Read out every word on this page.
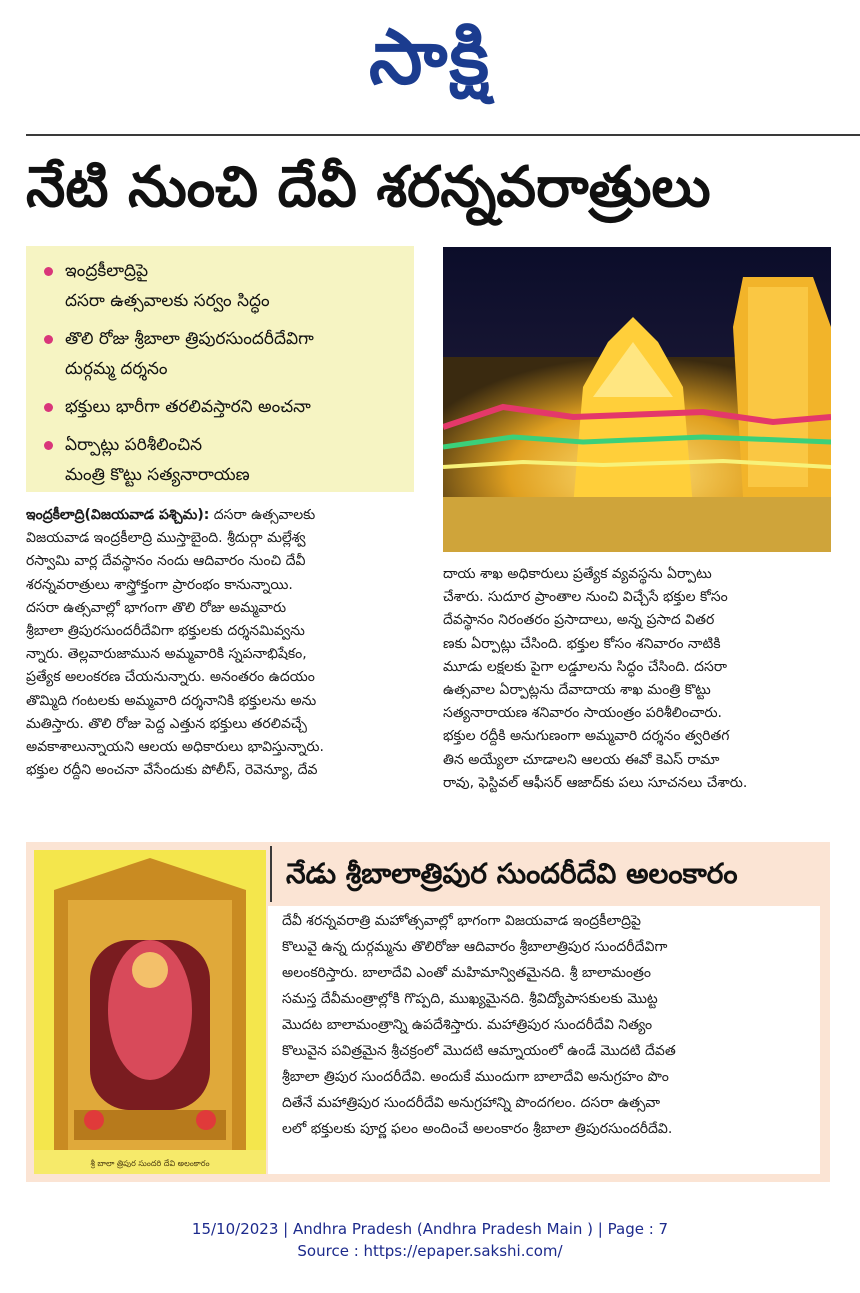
సాక్షి
నేటి నుంచి దేవీ శరన్నవరాత్రులు
ఇంద్రకీలాద్రిపై
దసరా ఉత్సవాలకు సర్వం సిద్ధం
తొలి రోజు శ్రీబాలా త్రిపురసుందరీదేవిగా
దుర్గమ్మ దర్శనం
భక్తులు భారీగా తరలివస్తారని అంచనా
ఏర్పాట్లు పరిశీలించిన
మంత్రి కొట్టు సత్యనారాయణ
ఇంద్రకీలాద్రి(విజయవాడ పశ్చిమ): దసరా ఉత్సవాలకు
విజయవాడ ఇంద్రకీలాద్రి ముస్తాబైంది. శ్రీదుర్గా మల్లేశ్వ
రస్వామి వార్ల దేవస్థానం నందు ఆదివారం నుంచి దేవీ
శరన్నవరాత్రులు శాస్త్రోక్తంగా ప్రారంభం కానున్నాయి.
దసరా ఉత్సవాల్లో భాగంగా తొలి రోజు అమ్మవారు
శ్రీబాలా త్రిపురసుందరీదేవిగా భక్తులకు దర్శనమివ్వను
న్నారు. తెల్లవారుజామున అమ్మవారికి స్నపనాభిషేకం,
ప్రత్యేక అలంకరణ చేయనున్నారు. అనంతరం ఉదయం
తొమ్మిది గంటలకు అమ్మవారి దర్శనానికి భక్తులను అను
మతిస్తారు. తొలి రోజు పెద్ద ఎత్తున భక్తులు తరలివచ్చే
అవకాశాలున్నాయని ఆలయ అధికారులు భావిస్తున్నారు.
భక్తుల రద్దీని అంచనా వేసేందుకు పోలీస్, రెవెన్యూ, దేవ
దాయ శాఖ అధికారులు ప్రత్యేక వ్యవస్థను ఏర్పాటు
చేశారు. సుదూర ప్రాంతాల నుంచి విచ్చేసే భక్తుల కోసం
దేవస్థానం నిరంతరం ప్రసాదాలు, అన్న ప్రసాద వితర
ణకు ఏర్పాట్లు చేసింది. భక్తుల కోసం శనివారం నాటికి
మూడు లక్షలకు పైగా లడ్డూలను సిద్ధం చేసింది. దసరా
ఉత్సవాల ఏర్పాట్లను దేవాదాయ శాఖ మంత్రి కొట్టు
సత్యనారాయణ శనివారం సాయంత్రం పరిశీలించారు.
భక్తుల రద్దీకి అనుగుణంగా అమ్మవారి దర్శనం త్వరితగ
తిన అయ్యేలా చూడాలని ఆలయ ఈవో కెఎస్ రామా
రావు, ఫెస్టివల్ ఆఫీసర్ ఆజాద్‌కు పలు సూచనలు చేశారు.
శ్రీ బాలా త్రిపుర సుందరి దేవి అలంకారం
నేడు శ్రీబాలాత్రిపుర సుందరీదేవి అలంకారం
దేవీ శరన్నవరాత్రి మహోత్సవాల్లో భాగంగా విజయవాడ ఇంద్రకీలాద్రిపై
కొలువై ఉన్న దుర్గమ్మను తొలిరోజు ఆదివారం శ్రీబాలాత్రిపుర సుందరీదేవిగా
అలంకరిస్తారు. బాలాదేవి ఎంతో మహిమాన్వితమైనది. శ్రీ బాలామంత్రం
సమస్త దేవీమంత్రాల్లోకి గొప్పది, ముఖ్యమైనది. శ్రీవిద్యోపాసకులకు మొట్ట
మొదట బాలామంత్రాన్ని ఉపదేశిస్తారు. మహాత్రిపుర సుందరీదేవి నిత్యం
కొలువైన పవిత్రమైన శ్రీచక్రంలో మొదటి ఆమ్నాయంలో ఉండే మొదటి దేవత
శ్రీబాలా త్రిపుర సుందరీదేవి. అందుకే ముందుగా బాలాదేవి అనుగ్రహం పొం
దితేనే మహాత్రిపుర సుందరీదేవి అనుగ్రహాన్ని పొందగలం. దసరా ఉత్సవా
లలో భక్తులకు పూర్ణ ఫలం అందించే అలంకారం శ్రీబాలా త్రిపురసుందరీదేవి.
15/10/2023 | Andhra Pradesh (Andhra Pradesh Main ) | Page : 7
Source : https://epaper.sakshi.com/
